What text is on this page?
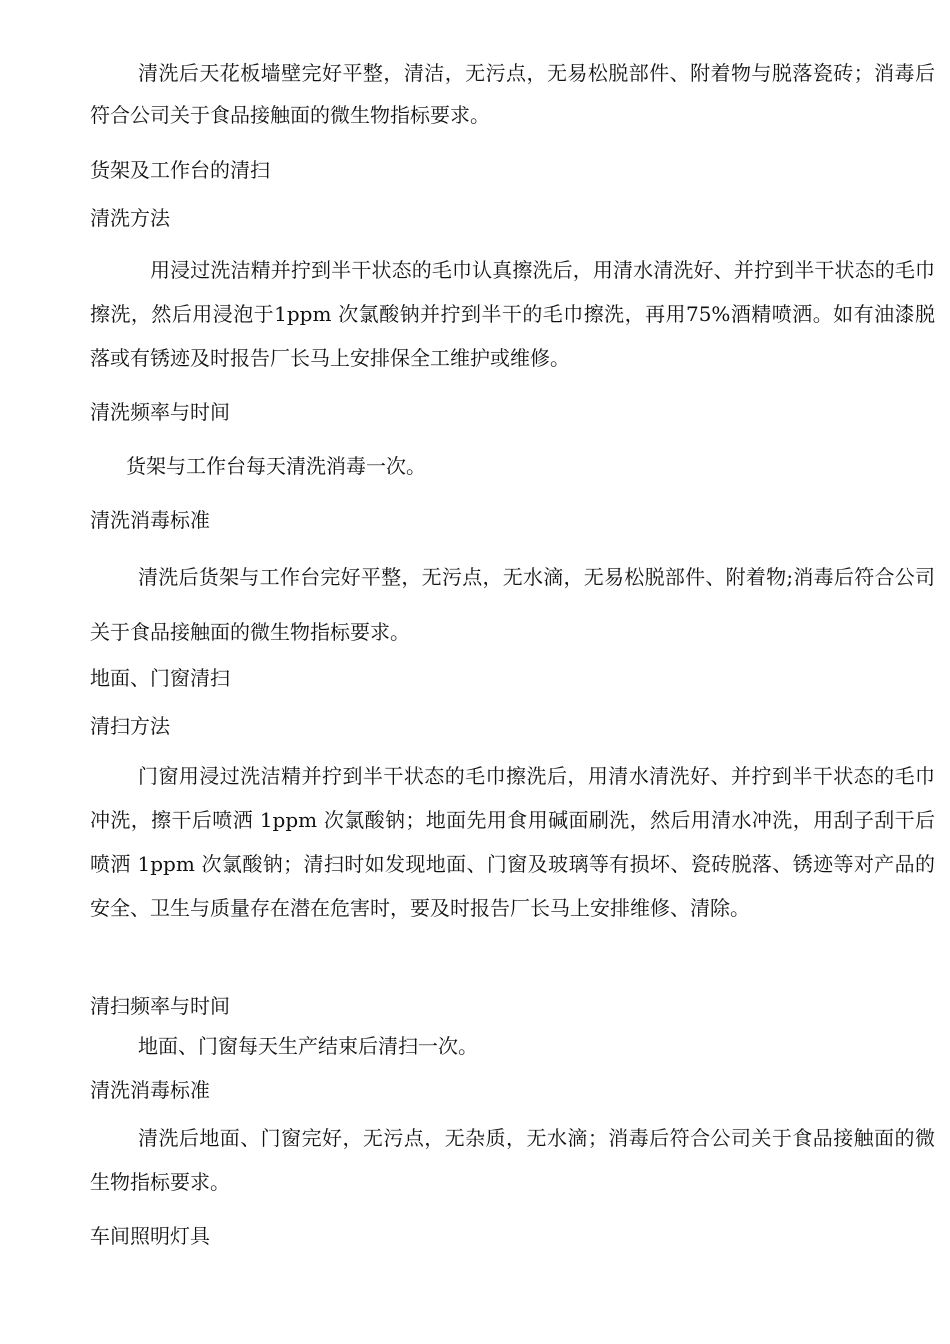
清洗后天花板墙壁完好平整，清洁，无污点，无易松脱部件、附着物与脱落瓷砖；消毒后符合公司关于食品接触面的微生物指标要求。

货架及工作台的清扫

清洗方法

用浸过洗洁精并拧到半干状态的毛巾认真擦洗后，用清水清洗好、并拧到半干状态的毛巾擦洗，然后用浸泡于1ppm 次氯酸钠并拧到半干的毛巾擦洗，再用75%酒精喷洒。如有油漆脱落或有锈迹及时报告厂长马上安排保全工维护或维修。

清洗频率与时间

货架与工作台每天清洗消毒一次。

清洗消毒标准

清洗后货架与工作台完好平整，无污点，无水滴，无易松脱部件、附着物;消毒后符合公司关于食品接触面的微生物指标要求。

地面、门窗清扫

清扫方法

门窗用浸过洗洁精并拧到半干状态的毛巾擦洗后，用清水清洗好、并拧到半干状态的毛巾冲洗，擦干后喷洒 1ppm 次氯酸钠；地面先用食用碱面刷洗，然后用清水冲洗，用刮子刮干后喷洒 1ppm 次氯酸钠；清扫时如发现地面、门窗及玻璃等有损坏、瓷砖脱落、锈迹等对产品的安全、卫生与质量存在潜在危害时，要及时报告厂长马上安排维修、清除。

清扫频率与时间

地面、门窗每天生产结束后清扫一次。

清洗消毒标准

清洗后地面、门窗完好，无污点，无杂质，无水滴；消毒后符合公司关于食品接触面的微生物指标要求。

车间照明灯具
